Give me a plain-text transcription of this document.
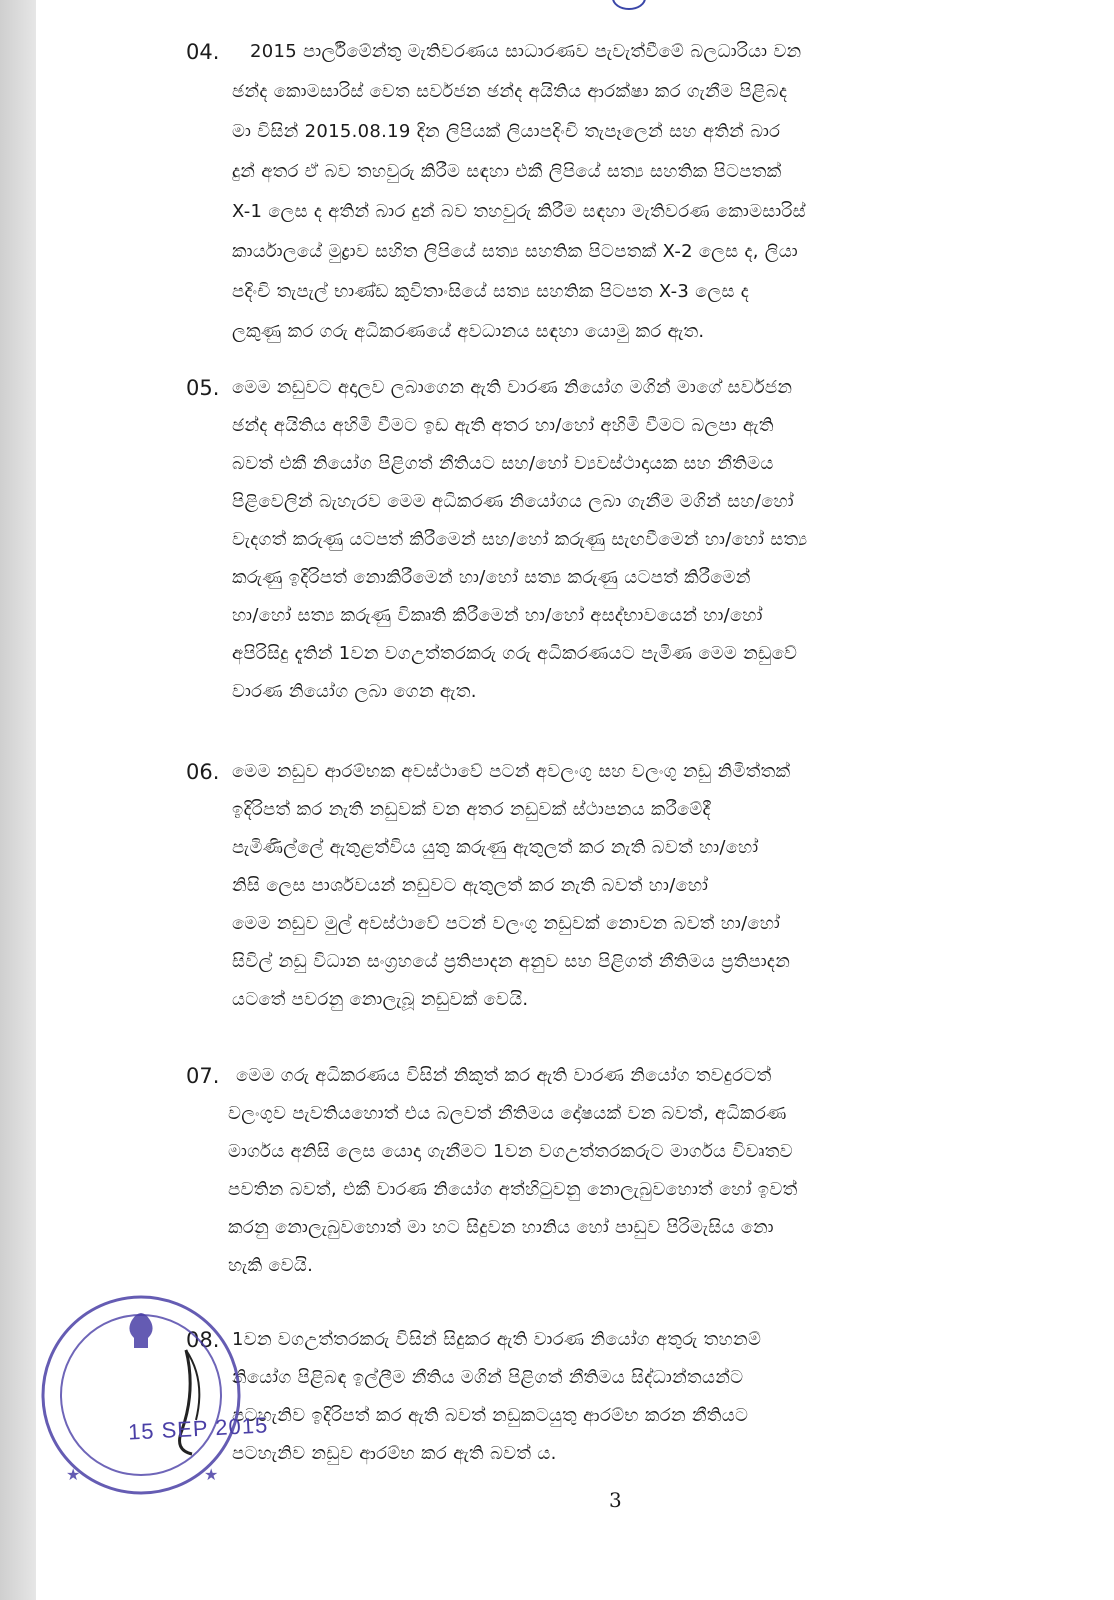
04. 2015 පාර්ලිමේන්තු මැතිවරණය සාධාරණව පැවැත්වීමේ බලධාරියා වන
ඡන්ද කොමසාරිස් වෙත සර්වජන ඡන්ද අයිතිය ආරක්ෂා කර ගැනීම පිළිබද
මා විසින් 2015.08.19 දින ලිපියක් ලියාපදිංචි තැපෑලෙන් සහ අතින් බාර
දුන් අතර ඒ බව තහවුරු කිරීම සඳහා එකී ලිපියේ සත්‍ය සහතික පිටපතක්
X-1 ලෙස ද අතින් බාර දුන් බව තහවුරු කිරීම සඳහා මැතිවරණ කොමසාරිස්
කාර්යාලයේ මුද්‍රාව සහිත ලිපියේ සත්‍ය සහතික පිටපතක් X-2 ලෙස ද, ලියා
පදිංචි තැපැල් භාණ්ඩ කුවිතාංසියේ සත්‍ය සහතික පිටපත X-3 ලෙස ද
ලකුණු කර ගරු අධිකරණයේ අවධානය සඳහා යොමු කර ඇත.
05. මෙම නඩුවට අදාලව ලබාගෙන ඇති වාරණ නියෝග මගින් මාගේ සර්වජන
ඡන්ද අයිතිය අහිමි වීමට ඉඩ ඇති අතර හා/හෝ අහිමි වීමට බලපා ඇති
බවත් එකී නියෝග පිළිගත් නීතියට සහ/හෝ ව්‍යවස්ථාදායක සහ නීතිමය
පිළිවෙලින් බැහැරව මෙම අධිකරණ නියෝගය ලබා ගැනීම මගින් සහ/හෝ
වැදගත් කරුණු යටපත් කිරීමෙන් සහ/හෝ කරුණු සැඟවීමෙන් හා/හෝ සත්‍ය
කරුණු ඉදිරිපත් නොකිරීමෙන් හා/හෝ සත්‍ය කරුණු යටපත් කිරීමෙන්
හා/හෝ සත්‍ය කරුණු විකෘති කිරීමෙන් හා/හෝ අසද්භාවයෙන් හා/හෝ
අපිරිසිදු දැතින් 1වන වගඋත්තරකරු ගරු අධිකරණයට පැමිණ මෙම නඩුවේ
වාරණ නියෝග ලබා ගෙන ඇත.
06. මෙම නඩුව ආරම්භක අවස්ථාවේ පටන් අවලංගු සහ වලංගු නඩු නිමිත්තක්
ඉදිරිපත් කර නැති නඩුවක් වන අතර නඩුවක් ස්ථාපනය කරීමේදී
පැමිණිල්ලේ ඇතුළත්විය යුතු කරුණු ඇතුලත් කර නැති බවත් හා/හෝ
නිසි ලෙස පාර්ශවයන් නඩුවට ඇතුලත් කර නැති බවත් හා/හෝ
මෙම නඩුව මුල් අවස්ථාවේ පටන් වලංගු නඩුවක් නොවන බවත් හා/හෝ
සිවිල් නඩු විධාන සංග්‍රහයේ ප්‍රතිපාදන අනුව සහ පිළිගත් නීතිමය ප්‍රතිපාදන
යටතේ පවරනු නොලැබූ නඩුවක් වෙයි.
07. මෙම ගරු අධිකරණය විසින් නිකුත් කර ඇති වාරණ නියෝග තවදුරටත්
වලංගුව පැවතියහොත් එය බලවත් නීතිමය දෝෂයක් වන බවත්, අධිකරණ
මාර්ගය අනිසි ලෙස යොදා ගැනීමට 1වන වගඋත්තරකරුට මාර්ගය විවෘතව
පවතින බවත්, එකී වාරණ නියෝග අත්හිටුවනු නොලැබුවහොත් හෝ ඉවත්
කරනු නොලැබුවහොත් මා හට සිදුවන හානිය හෝ පාඩුව පිරිමැසිය නො
හැකි වෙයි.
08. 1වන වගඋත්තරකරු විසින් සිදුකර ඇති වාරණ නියෝග අතුරු තහනම්
නියෝග පිළිබඳ ඉල්ලීම නීතිය මගින් පිළිගත් නීතිමය සිද්ධාන්තයන්ට
පටහැනිව ඉදිරිපත් කර ඇති බවත් නඩුකටයුතු ආරම්භ කරන නීතියට
පටහැනිව නඩුව ආරම්භ කර ඇති බවත් ය.
3
★	★
15 SEP 2015
